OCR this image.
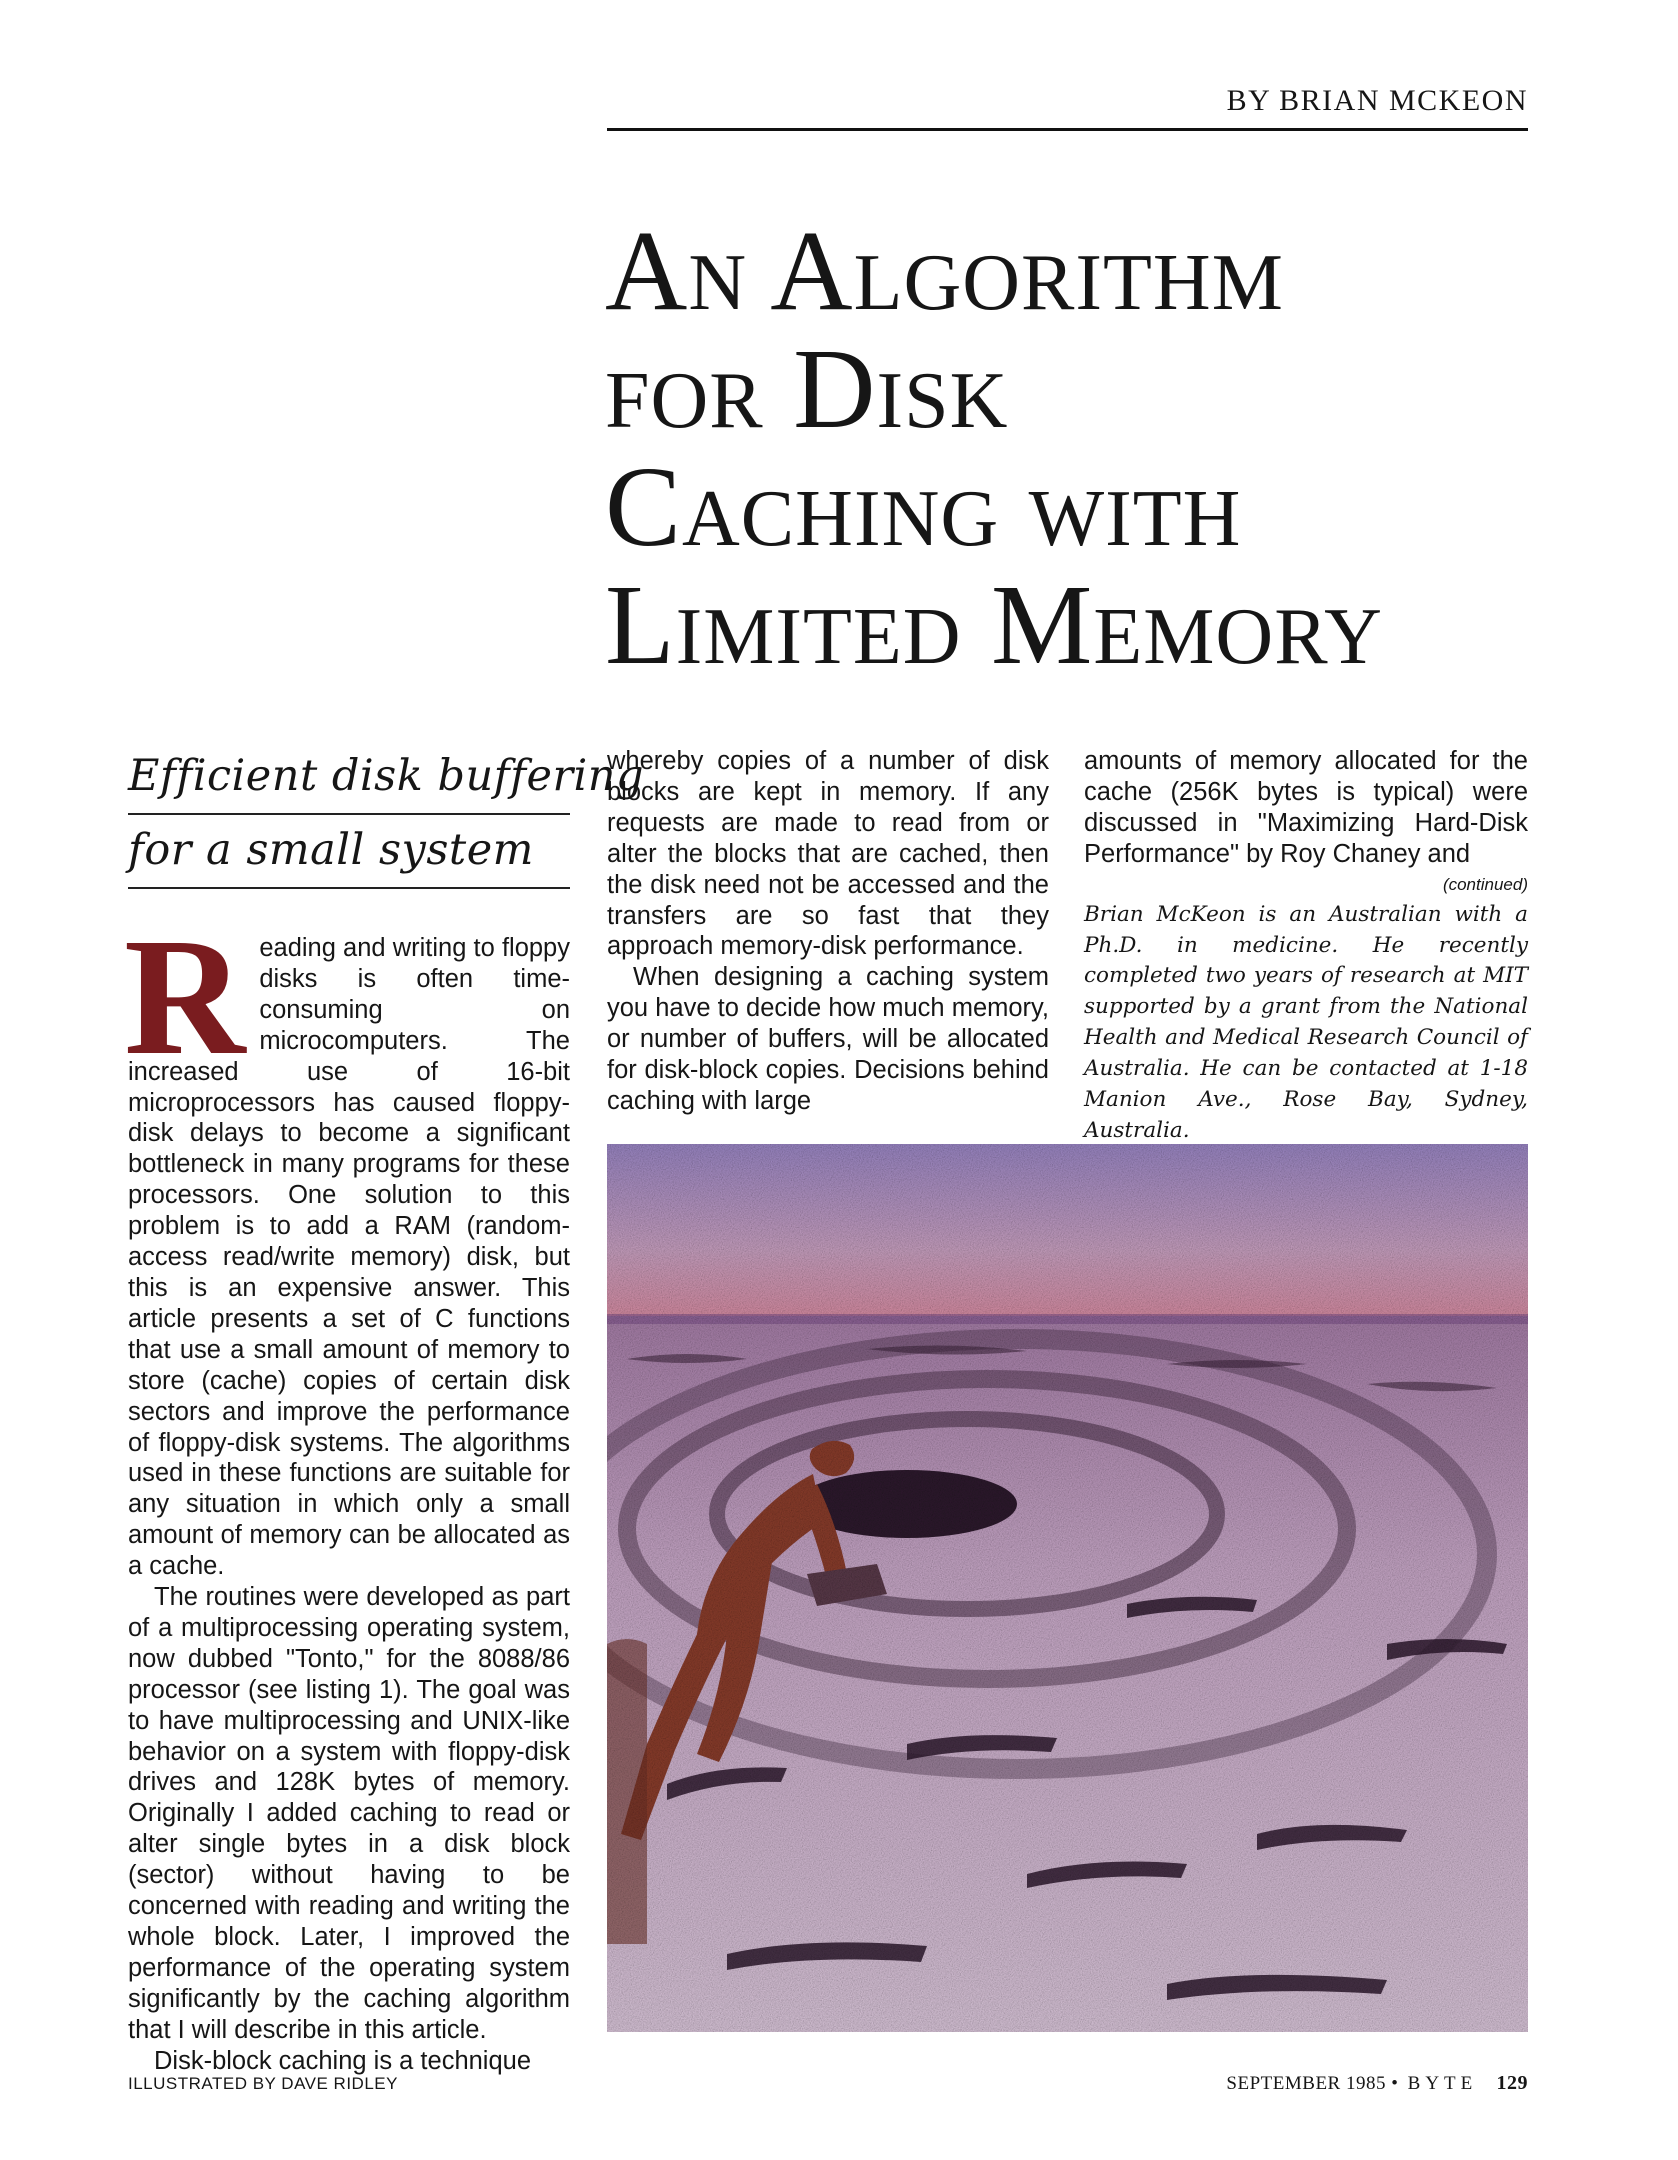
BY BRIAN MCKEON
An Algorithm
for Disk
Caching with
Limited Memory
Efficient disk buffering
for a small system

Reading and writing to floppy disks is often time-consuming on microcomputers. The increased use of 16-bit microprocessors has caused floppy-disk delays to become a significant bottleneck in many programs for these processors. One solution to this problem is to add a RAM (random-access read/write memory) disk, but this is an expensive answer. This article presents a set of C functions that use a small amount of memory to store (cache) copies of certain disk sectors and improve the performance of floppy-disk systems. The algorithms used in these functions are suitable for any situation in which only a small amount of memory can be allocated as a cache.

The routines were developed as part of a multiprocessing operating system, now dubbed "Tonto," for the 8088/86 processor (see listing 1). The goal was to have multiprocessing and UNIX-like behavior on a system with floppy-disk drives and 128K bytes of memory. Originally I added caching to read or alter single bytes in a disk block (sector) without having to be concerned with reading and writing the whole block. Later, I improved the performance of the operating system significantly by the caching algorithm that I will describe in this article.

Disk-block caching is a technique

whereby copies of a number of disk blocks are kept in memory. If any requests are made to read from or alter the blocks that are cached, then the disk need not be accessed and the transfers are so fast that they approach memory-disk performance.

When designing a caching system you have to decide how much memory, or number of buffers, will be allocated for disk-block copies. Decisions behind caching with large

amounts of memory allocated for the cache (256K bytes is typical) were discussed in "Maximizing Hard-Disk Performance" by Roy Chaney and

(continued)
Brian McKeon is an Australian with a Ph.D. in medicine. He recently completed two years of research at MIT supported by a grant from the National Health and Medical Research Council of Australia. He can be contacted at 1-18 Manion Ave., Rose Bay, Sydney, Australia.
ILLUSTRATED BY DAVE RIDLEY	SEPTEMBER 1985 • BYTE 129
